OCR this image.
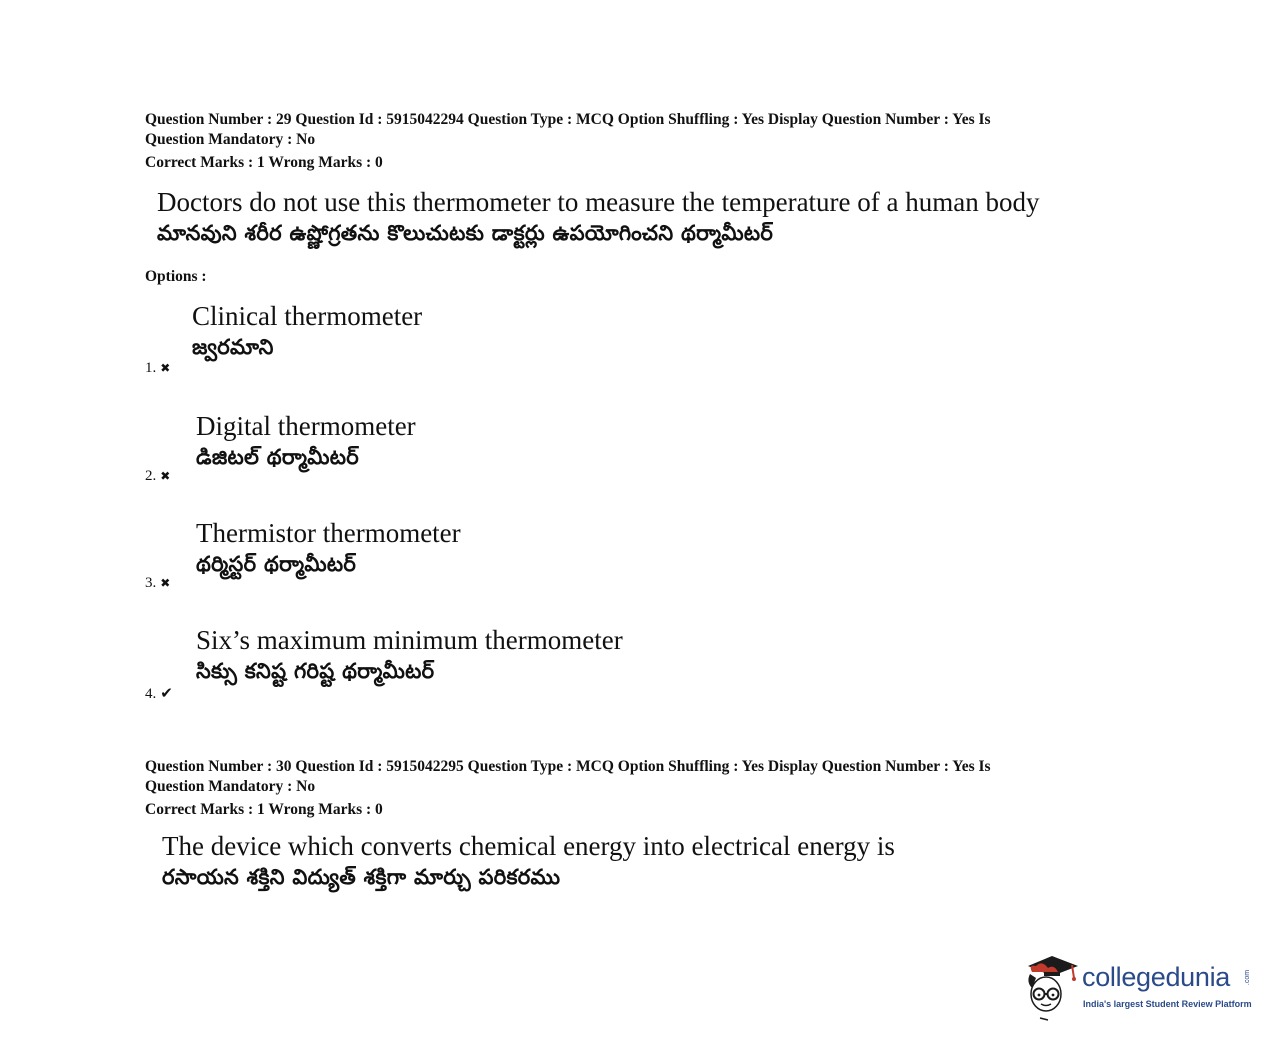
Question Number : 29 Question Id : 5915042294 Question Type : MCQ Option Shuffling : Yes Display Question Number : Yes Is
Question Mandatory : No
Correct Marks : 1 Wrong Marks : 0
Doctors do not use this thermometer to measure the temperature of a human body
మానవుని శరీర ఉష్ణోగ్రతను కొలుచుటకు డాక్టర్లు ఉపయోగించని థర్మామీటర్
Options :
Clinical thermometer
జ్వరమాని
1. ✖
Digital thermometer
డిజిటల్ థర్మామీటర్
2. ✖
Thermistor thermometer
థర్మిస్టర్ థర్మామీటర్
3. ✖
Six’s maximum minimum thermometer
సిక్సు కనిష్ట గరిష్ట థర్మామీటర్
4. ✔
Question Number : 30 Question Id : 5915042295 Question Type : MCQ Option Shuffling : Yes Display Question Number : Yes Is
Question Mandatory : No
Correct Marks : 1 Wrong Marks : 0
The device which converts chemical energy into electrical energy is
రసాయన శక్తిని విద్యుత్ శక్తిగా మార్చు పరికరము
collegedunia .com
India's largest Student Review Platform
